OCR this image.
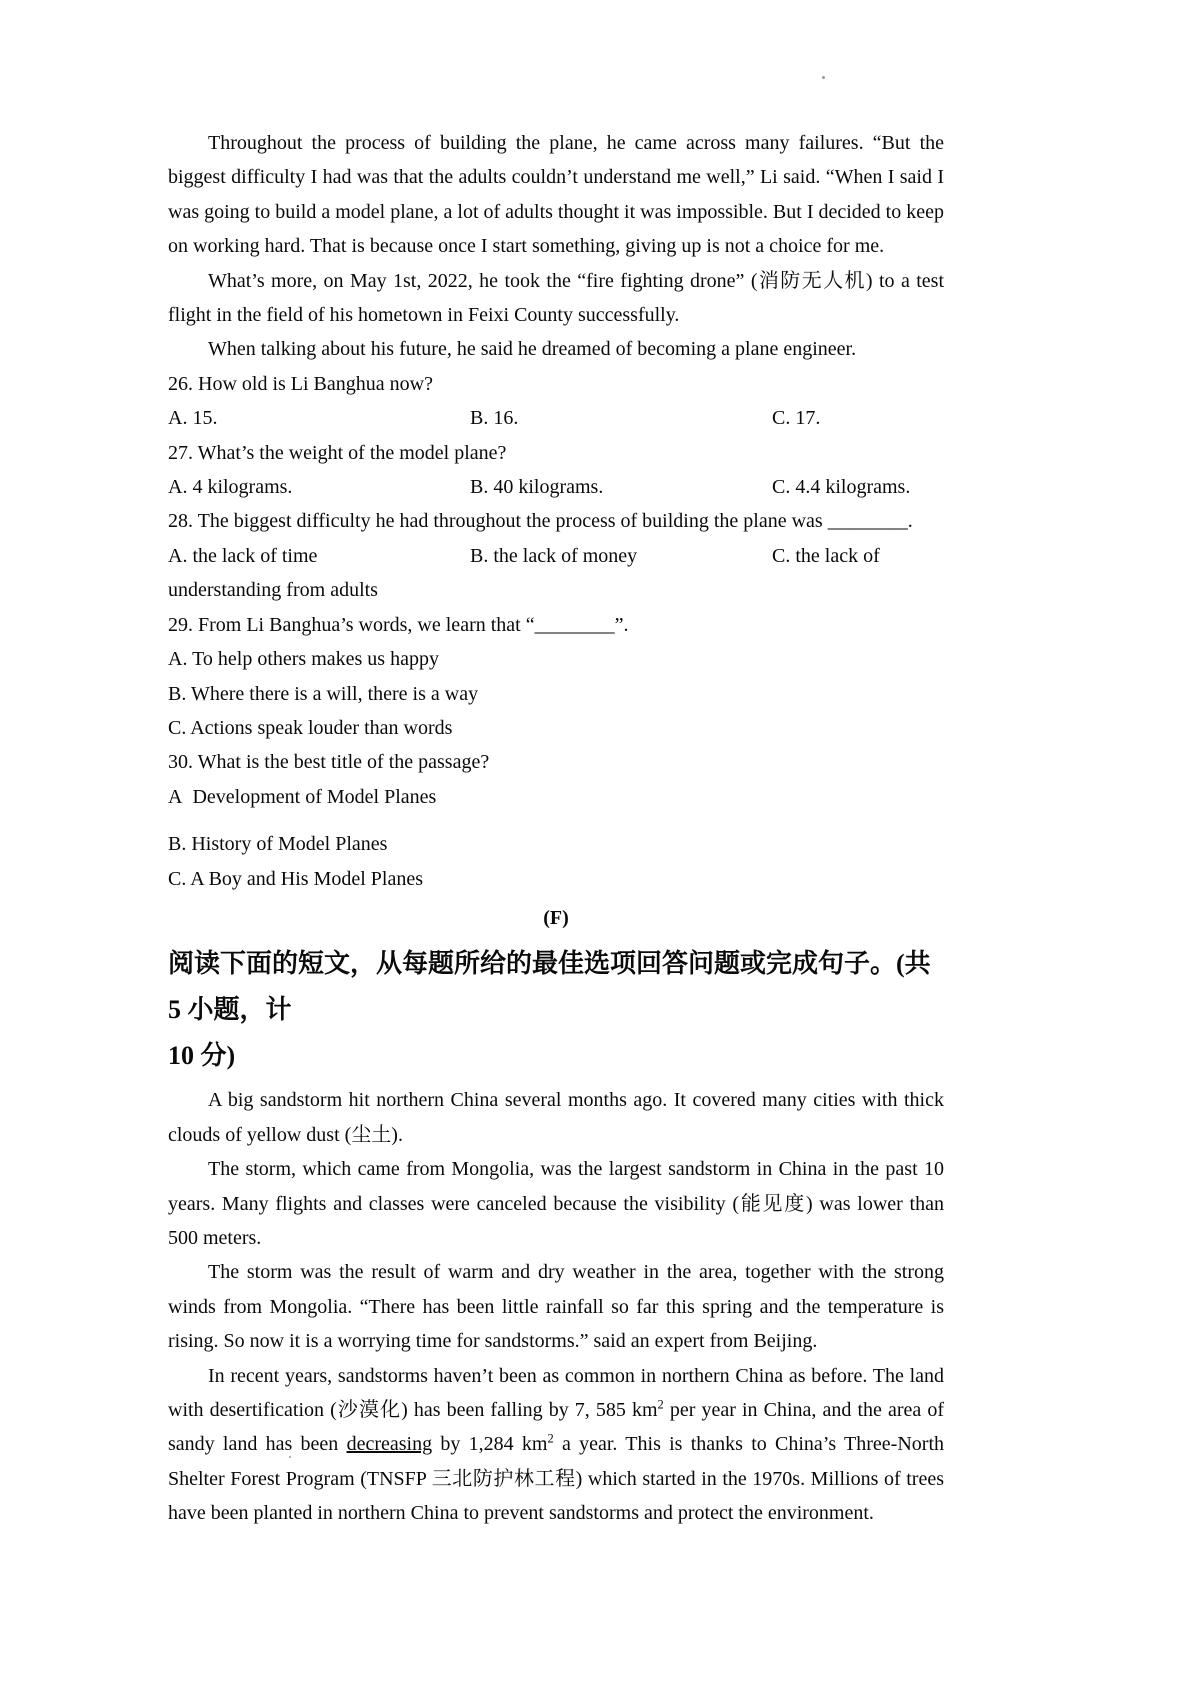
Throughout the process of building the plane, he came across many failures. “But the biggest difficulty I had was that the adults couldn’t understand me well,” Li said. “When I said I was going to build a model plane, a lot of adults thought it was impossible. But I decided to keep on working hard. That is because once I start something, giving up is not a choice for me.

What’s more, on May 1st, 2022, he took the “fire fighting drone” (消防无人机) to a test flight in the field of his hometown in Feixi County successfully.

When talking about his future, he said he dreamed of becoming a plane engineer.

26. How old is Li Banghua now?

A. 15.	B. 16.	C. 17.

27. What’s the weight of the model plane?

A. 4 kilograms.	B. 40 kilograms.	C. 4.4 kilograms.

28. The biggest difficulty he had throughout the process of building the plane was ________.

A. the lack of time	B. the lack of money	C. the lack of

understanding from adults

29. From Li Banghua’s words, we learn that “________”.

A. To help others makes us happy

B. Where there is a will, there is a way

C. Actions speak louder than words

30. What is the best title of the passage?

A  Development of Model Planes

B. History of Model Planes

C. A Boy and His Model Planes

(F)

阅读下面的短文，从每题所给的最佳选项回答问题或完成句子。(共 5 小题，计

10 分)

A big sandstorm hit northern China several months ago. It covered many cities with thick clouds of yellow dust (尘土).

The storm, which came from Mongolia, was the largest sandstorm in China in the past 10 years. Many flights and classes were canceled because the visibility (能见度) was lower than 500 meters.

The storm was the result of warm and dry weather in the area, together with the strong winds from Mongolia. “There has been little rainfall so far this spring and the temperature is rising. So now it is a worrying time for sandstorms.” said an expert from Beijing.

In recent years, sandstorms haven’t been as common in northern China as before. The land with desertification (沙漠化) has been falling by 7, 585 $km^2$ per year in China, and the area of sandy land has been decreasing by 1,284 $km^2$ a year. This is thanks to China’s Three-North Shelter Forest Program (TNSFP 三北防护林工程) which started in the 1970s. Millions of trees have been planted in northern China to prevent sandstorms and protect the environment.
